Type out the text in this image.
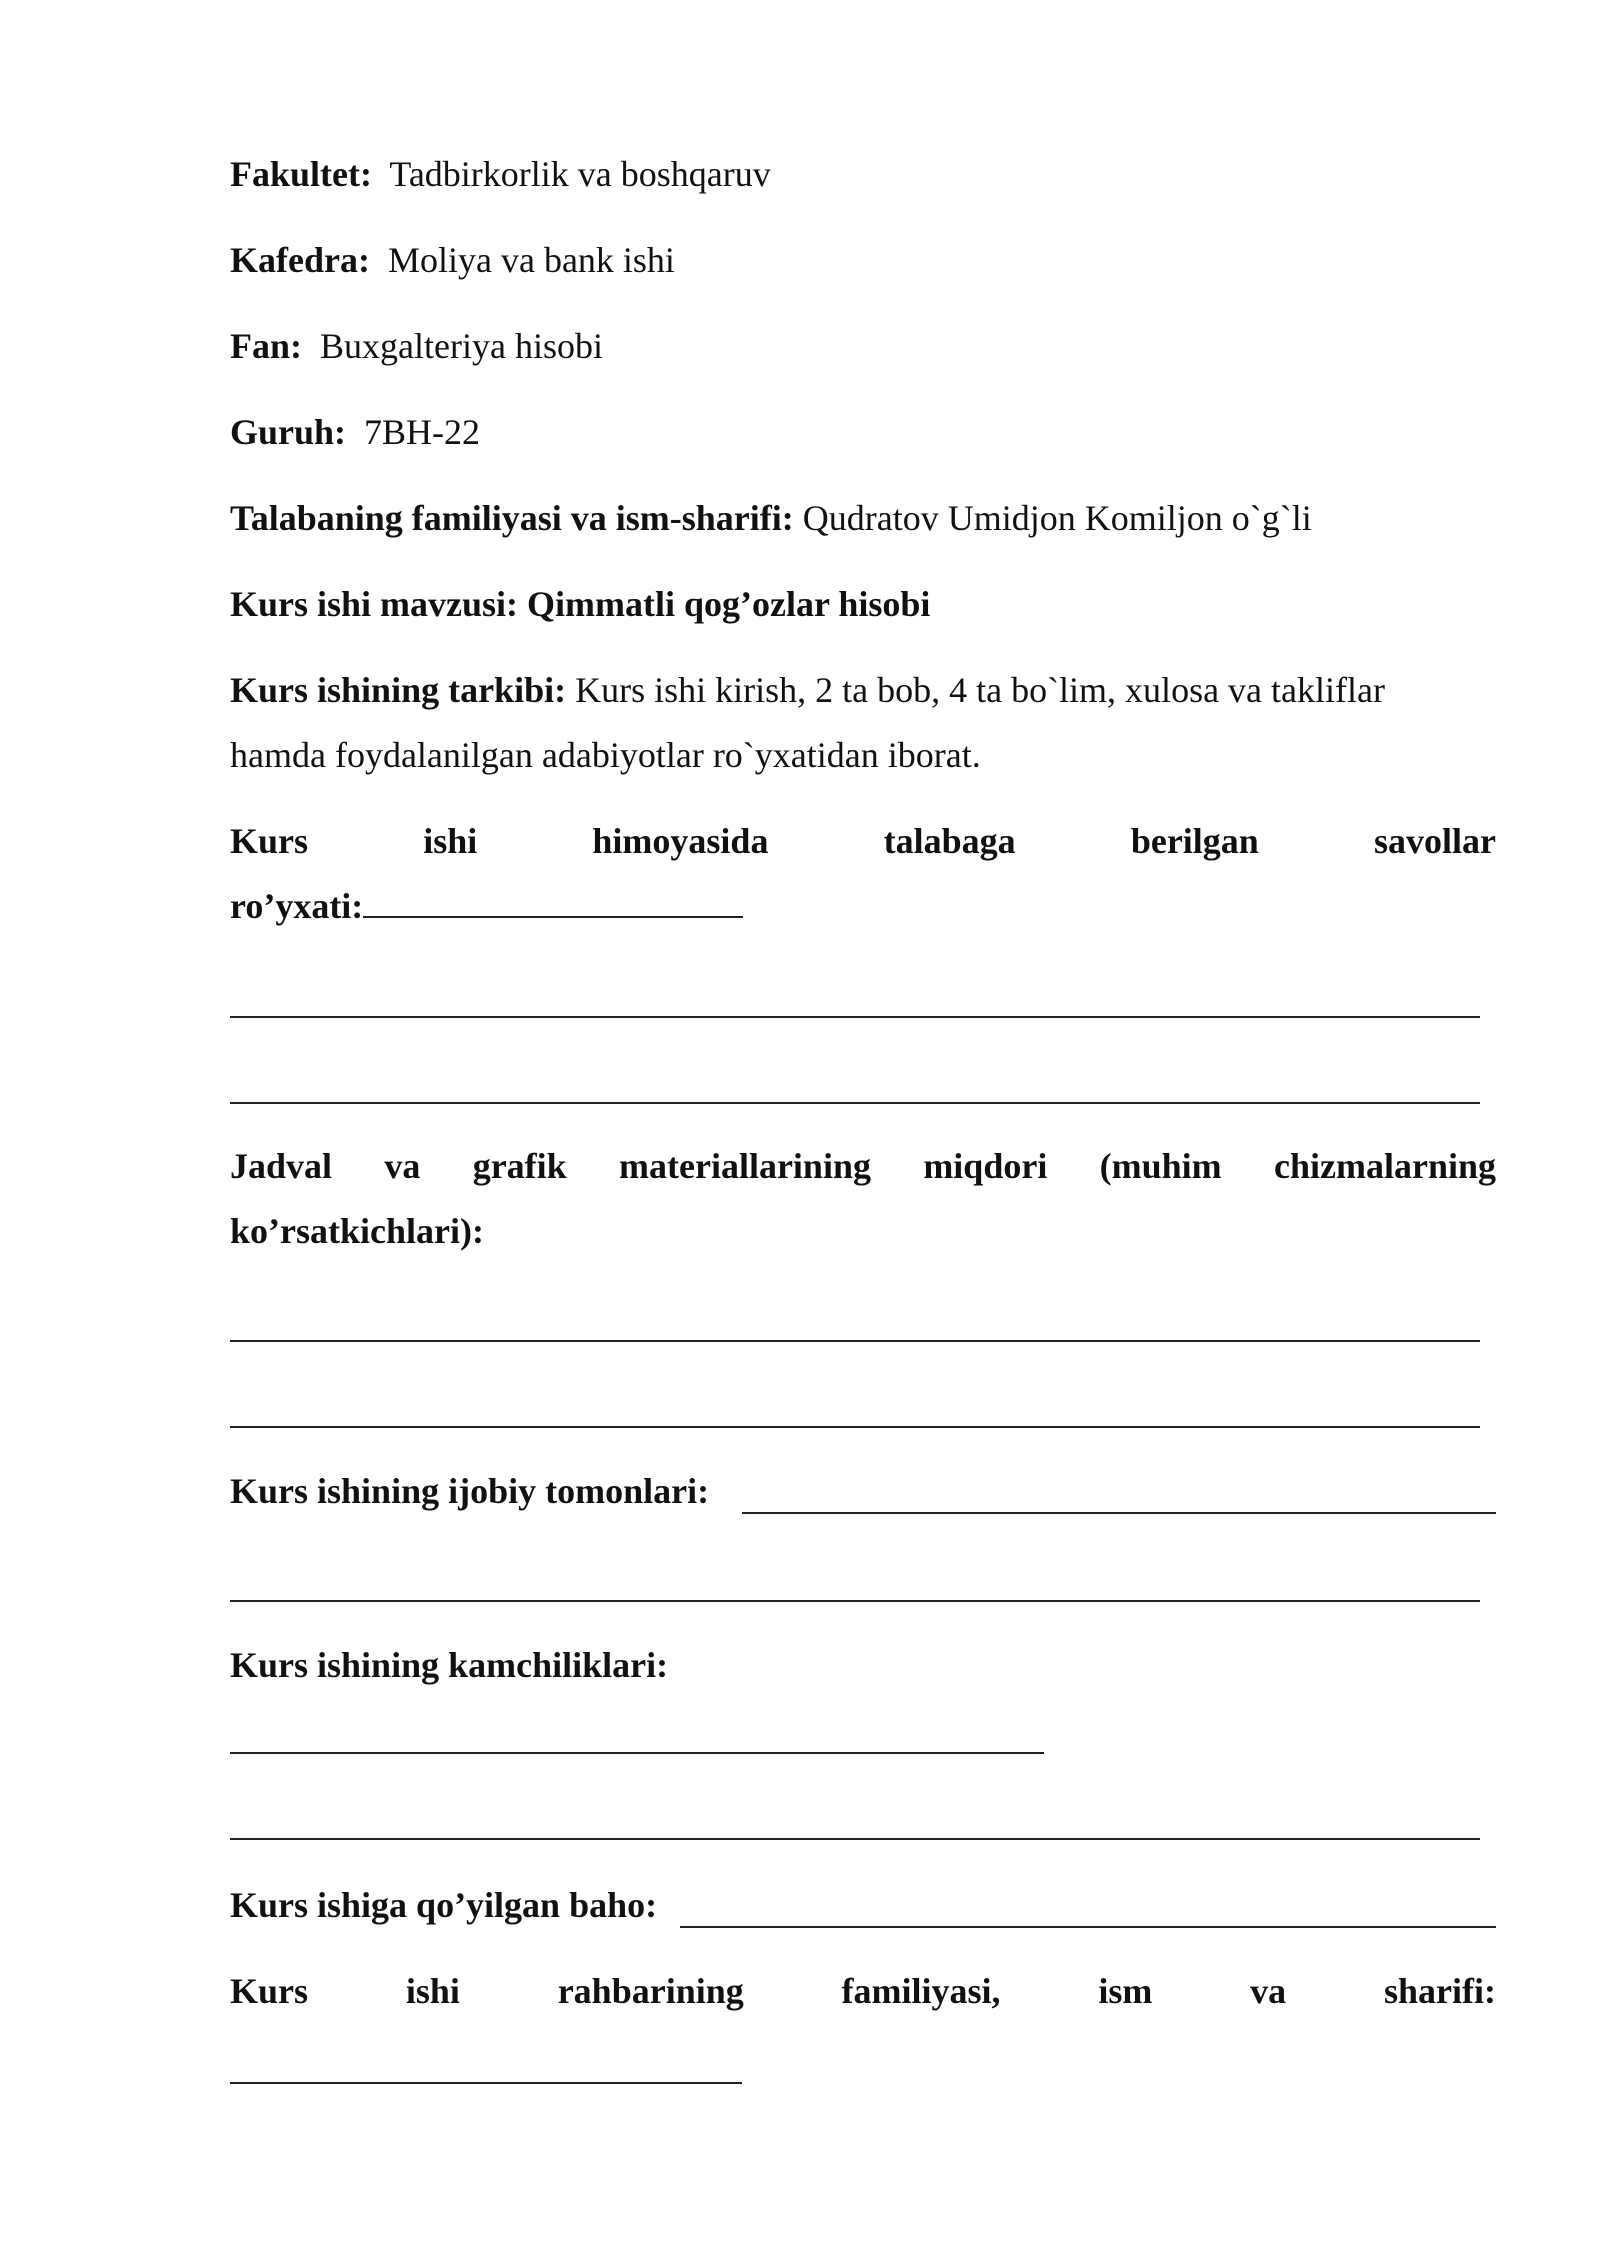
Fakultet: Tadbirkorlik va boshqaruv
Kafedra: Moliya va bank ishi
Fan: Buxgalteriya hisobi
Guruh: 7BH-22
Talabaning familiyasi va ism-sharifi: Qudratov Umidjon Komiljon o`g`li
Kurs ishi mavzusi: Qimmatli qog’ozlar hisobi
Kurs ishining tarkibi: Kurs ishi kirish, 2 ta bob, 4 ta bo`lim, xulosa va takliflar
hamda foydalanilgan adabiyotlar ro`yxatidan iborat.
Kurs	ishi	himoyasida	talabaga	berilgan	savollar
ro’yxati:
Jadval va grafik materiallarining miqdori (muhim chizmalarning
ko’rsatkichlari):
Kurs ishining ijobiy tomonlari:
Kurs ishining kamchiliklari:
Kurs ishiga qo’yilgan baho:
Kurs	ishi	rahbarining	familiyasi,	ism	va	sharifi:
